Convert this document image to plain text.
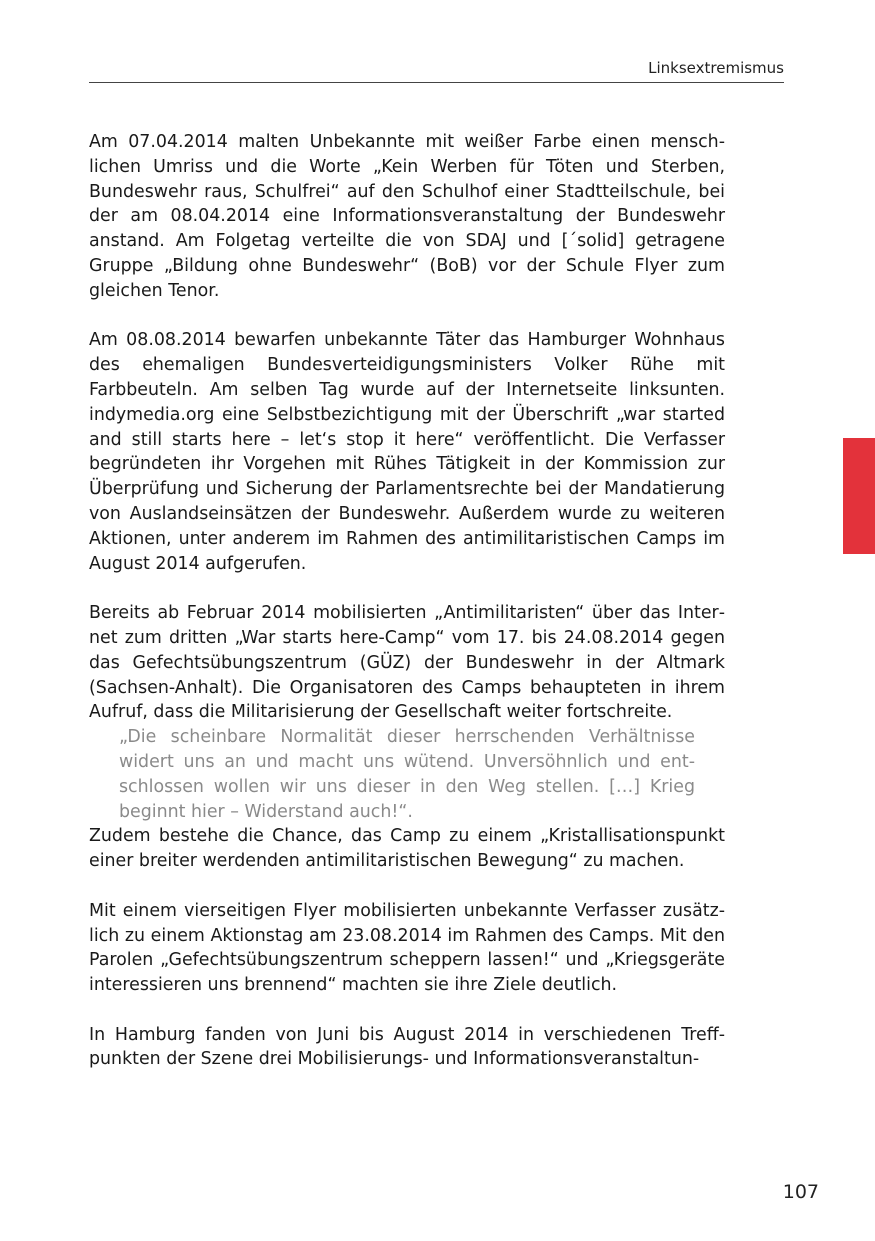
Linksextremismus

Am 07.04.2014 malten Unbekannte mit weißer Farbe einen menschlichen Umriss und die Worte „Kein Werben für Töten und Sterben, Bundeswehr raus, Schulfrei“ auf den Schulhof einer Stadtteilschule, bei der am 08.04.2014 eine Informationsveranstaltung der Bundeswehr anstand. Am Folgetag verteilte die von SDAJ und [´solid] getragene Gruppe „Bildung ohne Bundeswehr“ (BoB) vor der Schule Flyer zum gleichen Tenor.

Am 08.08.2014 bewarfen unbekannte Täter das Hamburger Wohnhaus des ehemaligen Bundesverteidigungsministers Volker Rühe mit Farbbeuteln. Am selben Tag wurde auf der Internetseite linksunten.​indymedia.org eine Selbstbezichtigung mit der Überschrift „war started and still starts here – let‘s stop it here“ veröffentlicht. Die Verfasser begründeten ihr Vorgehen mit Rühes Tätigkeit in der Kommission zur Überprüfung und Sicherung der Parlamentsrechte bei der Mandatierung von Auslandseinsätzen der Bundeswehr. Außerdem wurde zu weiteren Aktionen, unter anderem im Rahmen des antimilitaristischen Camps im August 2014 aufgerufen.

Bereits ab Februar 2014 mobilisierten „Antimilitaristen“ über das Internet zum dritten „War starts here-Camp“ vom 17. bis 24.08.2014 gegen das Gefechtsübungszentrum (GÜZ) der Bundeswehr in der Altmark (Sachsen-Anhalt). Die Organisatoren des Camps behaupteten in ihrem Aufruf, dass die Militarisierung der Gesellschaft weiter fortschreite.

„Die scheinbare Normalität dieser herrschenden Verhältnisse widert uns an und macht uns wütend. Unversöhnlich und entschlossen wollen wir uns dieser in den Weg stellen. […] Krieg beginnt hier – Widerstand auch!“.

Zudem bestehe die Chance, das Camp zu einem „Kristallisationspunkt einer breiter werdenden antimilitaristischen Bewegung“ zu machen.

Mit einem vierseitigen Flyer mobilisierten unbekannte Verfasser zusätzlich zu einem Aktionstag am 23.08.2014 im Rahmen des Camps. Mit den Parolen „Gefechtsübungszentrum scheppern lassen!“ und „Kriegsgeräte interessieren uns brennend“ machten sie ihre Ziele deutlich.

In Hamburg fanden von Juni bis August 2014 in verschiedenen Treffpunkten der Szene drei Mobilisierungs- und Informationsveranstaltun-

107
